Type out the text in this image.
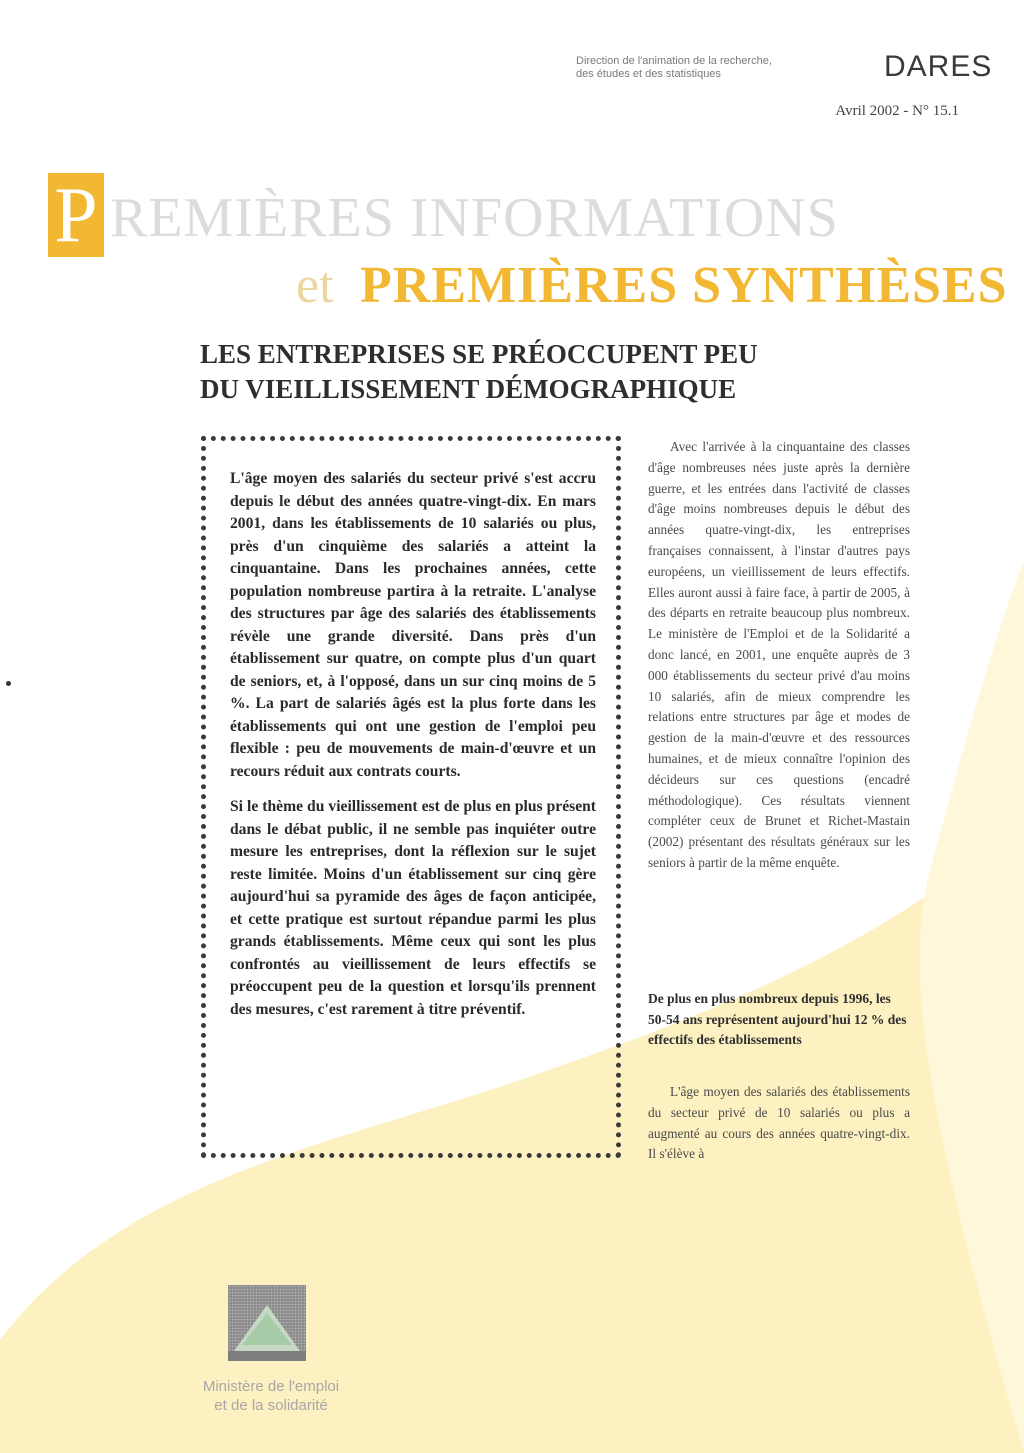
Direction de l'animation de la recherche,
des études et des statistiques	DARES
Avril 2002 - N° 15.1
P REMIÈRES INFORMATIONS
et PREMIÈRES SYNTHÈSES
LES ENTREPRISES SE PRÉOCCUPENT PEU
DU VIEILLISSEMENT DÉMOGRAPHIQUE

L'âge moyen des salariés du secteur privé s'est accru depuis le début des années quatre-vingt-dix. En mars 2001, dans les établissements de 10 salariés ou plus, près d'un cinquième des salariés a atteint la cinquantaine. Dans les prochaines années, cette population nombreuse partira à la retraite. L'analyse des structures par âge des salariés des établissements révèle une grande diversité. Dans près d'un établissement sur quatre, on compte plus d'un quart de seniors, et, à l'opposé, dans un sur cinq moins de 5 %. La part de salariés âgés est la plus forte dans les établissements qui ont une gestion de l'emploi peu flexible : peu de mouvements de main-d'œuvre et un recours réduit aux contrats courts.

Si le thème du vieillissement est de plus en plus présent dans le débat public, il ne semble pas inquiéter outre mesure les entreprises, dont la réflexion sur le sujet reste limitée. Moins d'un établissement sur cinq gère aujourd'hui sa pyramide des âges de façon anticipée, et cette pratique est surtout répandue parmi les plus grands établissements. Même ceux qui sont les plus confrontés au vieillissement de leurs effectifs se préoccupent peu de la question et lorsqu'ils prennent des mesures, c'est rarement à titre préventif.

Avec l'arrivée à la cinquantaine des classes d'âge nombreuses nées juste après la dernière guerre, et les entrées dans l'activité de classes d'âge moins nombreuses depuis le début des années quatre-vingt-dix, les entreprises françaises connaissent, à l'instar d'autres pays européens, un vieillissement de leurs effectifs. Elles auront aussi à faire face, à partir de 2005, à des départs en retraite beaucoup plus nombreux. Le ministère de l'Emploi et de la Solidarité a donc lancé, en 2001, une enquête auprès de 3 000 établissements du secteur privé d'au moins 10 salariés, afin de mieux comprendre les relations entre structures par âge et modes de gestion de la main-d'œuvre et des ressources humaines, et de mieux connaître l'opinion des décideurs sur ces questions (encadré méthodologique). Ces résultats viennent compléter ceux de Brunet et Richet-Mastain (2002) présentant des résultats généraux sur les seniors à partir de la même enquête.

De plus en plus nombreux depuis 1996, les 50-54 ans représentent aujourd'hui 12 % des effectifs des établissements

L'âge moyen des salariés des établissements du secteur privé de 10 salariés ou plus a augmenté au cours des années quatre-vingt-dix. Il s'élève à

Ministère de l'emploi
et de la solidarité
